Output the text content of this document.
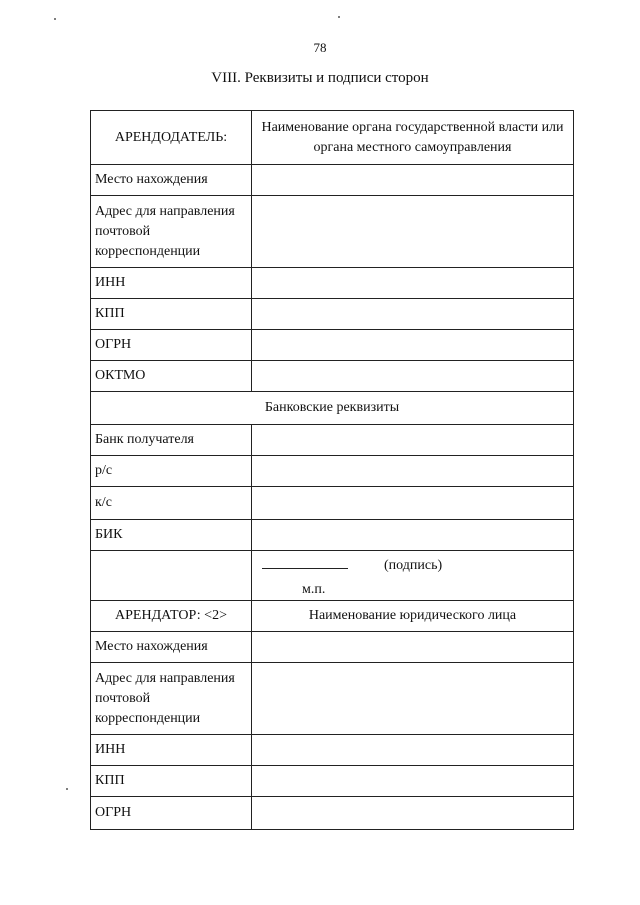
78
VIII. Реквизиты и подписи сторон
АРЕНДОДАТЕЛЬ:	Наименование органа государственной власти или органа местного самоуправления
Место нахождения	
Адрес для направления почтовой корреспонденции	
ИНН	
КПП	
ОГРН	
ОКТМО	
Банковские реквизиты	
Банк получателя	
р/с	
к/с	
БИК	

	(подпись)
м.п.

АРЕНДАТОР: <2>	Наименование юридического лица
Место нахождения	
Адрес для направления почтовой корреспонденции	
ИНН	
КПП	
ОГРН	
